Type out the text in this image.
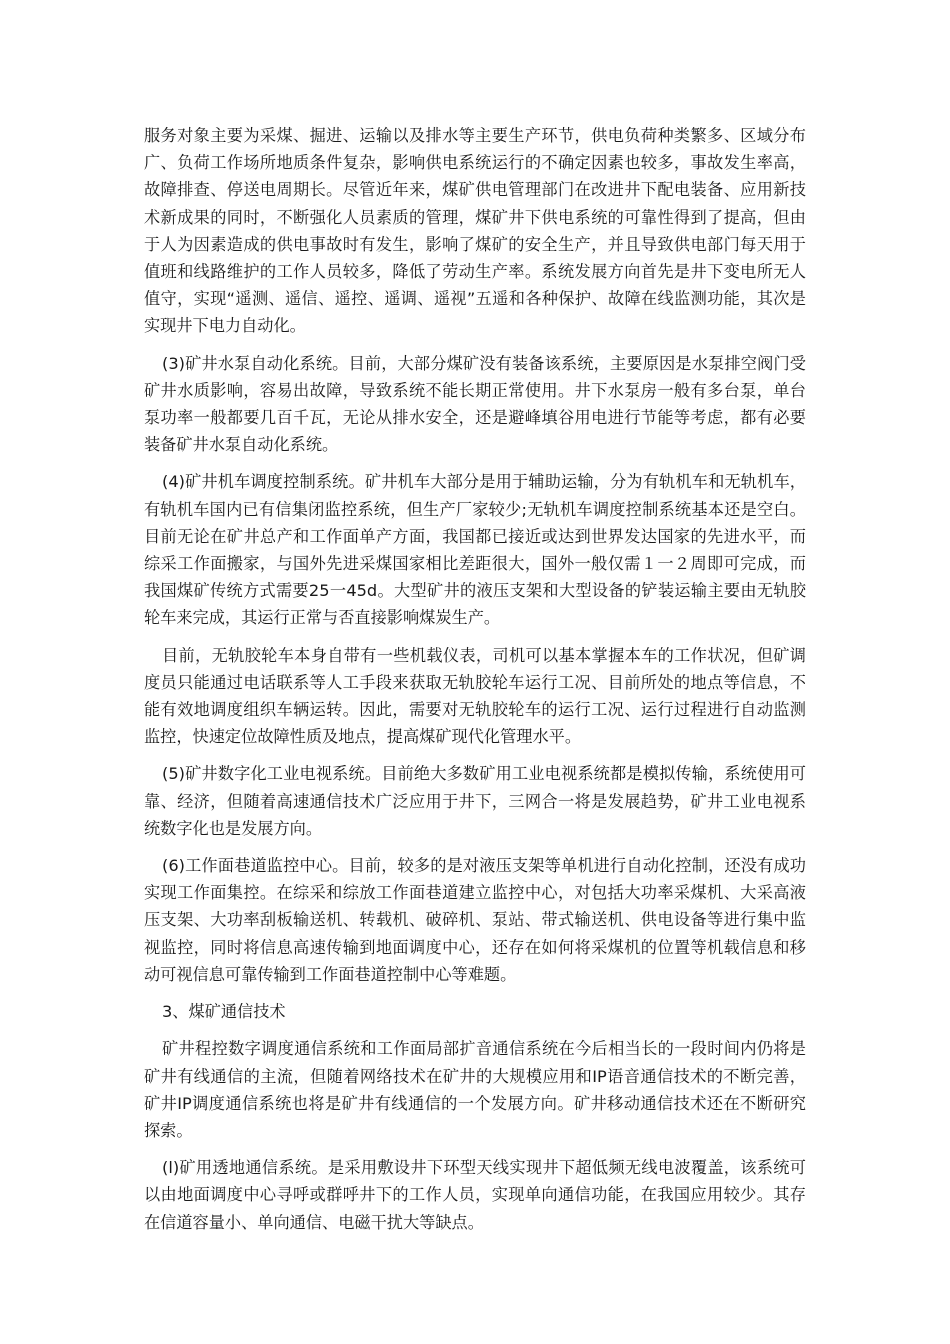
服务对象主要为采煤、掘进、运输以及排水等主要生产环节，供电负荷种类繁多、区域分布广、负荷工作场所地质条件复杂，影响供电系统运行的不确定因素也较多，事故发生率高，故障排查、停送电周期长。尽管近年来，煤矿供电管理部门在改进井下配电装备、应用新技术新成果的同时，不断强化人员素质的管理，煤矿井下供电系统的可靠性得到了提高，但由于人为因素造成的供电事故时有发生，影响了煤矿的安全生产，并且导致供电部门每天用于值班和线路维护的工作人员较多，降低了劳动生产率。系统发展方向首先是井下变电所无人值守，实现“遥测、遥信、遥控、遥调、遥视”五遥和各种保护、故障在线监测功能，其次是实现井下电力自动化。

(3)矿井水泵自动化系统。目前，大部分煤矿没有装备该系统，主要原因是水泵排空阀门受矿井水质影响，容易出故障，导致系统不能长期正常使用。井下水泵房一般有多台泵，单台泵功率一般都要几百千瓦，无论从排水安全，还是避峰填谷用电进行节能等考虑，都有必要装备矿井水泵自动化系统。

(4)矿井机车调度控制系统。矿井机车大部分是用于辅助运输，分为有轨机车和无轨机车，有轨机车国内已有信集闭监控系统，但生产厂家较少;无轨机车调度控制系统基本还是空白。目前无论在矿井总产和工作面单产方面，我国都已接近或达到世界发达国家的先进水平，而综采工作面搬家，与国外先进采煤国家相比差距很大，国外一般仅需１一２周即可完成，而我国煤矿传统方式需要25一45d。大型矿井的液压支架和大型设备的铲装运输主要由无轨胶轮车来完成，其运行正常与否直接影响煤炭生产。

目前，无轨胶轮车本身自带有一些机载仪表，司机可以基本掌握本车的工作状况，但矿调度员只能通过电话联系等人工手段来获取无轨胶轮车运行工况、目前所处的地点等信息，不能有效地调度组织车辆运转。因此，需要对无轨胶轮车的运行工况、运行过程进行自动监测监控，快速定位故障性质及地点，提高煤矿现代化管理水平。

(5)矿井数字化工业电视系统。目前绝大多数矿用工业电视系统都是模拟传输，系统使用可靠、经济，但随着高速通信技术广泛应用于井下，三网合一将是发展趋势，矿井工业电视系统数字化也是发展方向。

(6)工作面巷道监控中心。目前，较多的是对液压支架等单机进行自动化控制，还没有成功实现工作面集控。在综采和综放工作面巷道建立监控中心，对包括大功率采煤机、大采高液压支架、大功率刮板输送机、转载机、破碎机、泵站、带式输送机、供电设备等进行集中监视监控，同时将信息高速传输到地面调度中心，还存在如何将采煤机的位置等机载信息和移动可视信息可靠传输到工作面巷道控制中心等难题。

3、煤矿通信技术

矿井程控数字调度通信系统和工作面局部扩音通信系统在今后相当长的一段时间内仍将是矿井有线通信的主流，但随着网络技术在矿井的大规模应用和IP语音通信技术的不断完善，矿井IP调度通信系统也将是矿井有线通信的一个发展方向。矿井移动通信技术还在不断研究探索。

(l)矿用透地通信系统。是采用敷设井下环型天线实现井下超低频无线电波覆盖，该系统可以由地面调度中心寻呼或群呼井下的工作人员，实现单向通信功能，在我国应用较少。其存在信道容量小、单向通信、电磁干扰大等缺点。
